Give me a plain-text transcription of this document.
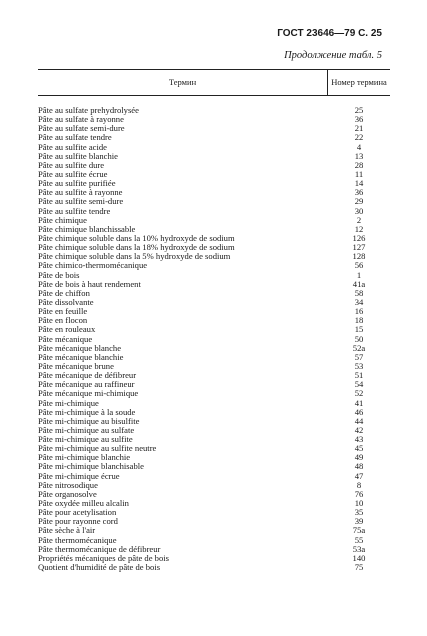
ГОСТ 23646—79 С. 25
Продолжение табл. 5
Термин	Номер термина
Pâte au sulfate prehydrolysée	25
Pâte au sulfate à rayonne	36
Pâte au sulfate semi-dure	21
Pâte au sulfate tendre	22
Pâte au sulfite acide	4
Pâte au sulfite blanchie	13
Pâte au sulfite dure	28
Pâte au sulfite écrue	11
Pâte au sulfite purifiée	14
Pâte au sulfite à rayonne	36
Pâte au sulfite semi-dure	29
Pâte au sulfite tendre	30
Pâte chimique	2
Pâte chimique blanchissable	12
Pâte chimique soluble dans la 10% hydroxyde de sodium	126
Pâte chimique soluble dans la 18% hydroxyde de sodium	127
Pâte chimique soluble dans la 5% hydroxyde de sodium	128
Pâte chimico-thermomécanique	56
Pâte de bois	1
Pâte de bois à haut rendement	41a
Pâte de chiffon	58
Pâte dissolvante	34
Pâte en feuille	16
Pâte en flocon	18
Pâte en rouleaux	15
Pâte mécanique	50
Pâte mécanique blanche	52a
Pâte mécanique blanchie	57
Pâte mécanique brune	53
Pâte mécanique de défibreur	51
Pâte mécanique au raffineur	54
Pâte mécanique mi-chimique	52
Pâte mi-chimique	41
Pâte mi-chimique à la soude	46
Pâte mi-chimique au bisulfite	44
Pâte mi-chimique au sulfate	42
Pâte mi-chimique au sulfite	43
Pâte mi-chimique au sulfite neutre	45
Pâte mi-chimique blanchie	49
Pâte mi-chimique blanchisable	48
Pâte mi-chimique écrue	47
Pâte nitrosodique	8
Pâte organosolve	76
Pâte oxydée milleu alcalin	10
Pâte pour acetylisation	35
Pâte pour rayonne cord	39
Pâte sèche à l'air	75a
Pâte thermomécanique	55
Pâte thermomécanique de défibreur	53a
Propriétés mécaniques de pâte de bois	140
Quotient d'humidité de pâte de bois	75
